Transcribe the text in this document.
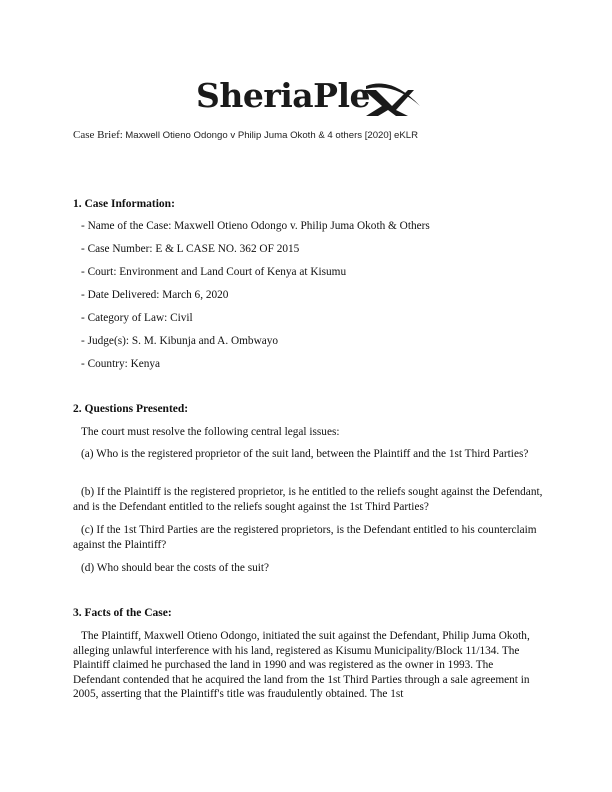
SheriaPle
Case Brief: Maxwell Otieno Odongo v Philip Juma Okoth & 4 others [2020] eKLR
1. Case Information:
- Name of the Case: Maxwell Otieno Odongo v. Philip Juma Okoth & Others
- Case Number: E & L CASE NO. 362 OF 2015
- Court: Environment and Land Court of Kenya at Kisumu
- Date Delivered: March 6, 2020
- Category of Law: Civil
- Judge(s): S. M. Kibunja and A. Ombwayo
- Country: Kenya
2. Questions Presented:
The court must resolve the following central legal issues:
(a) Who is the registered proprietor of the suit land, between the Plaintiff and the 1st Third Parties?
(b) If the Plaintiff is the registered proprietor, is he entitled to the reliefs sought against the Defendant, and is the Defendant entitled to the reliefs sought against the 1st Third Parties?
(c) If the 1st Third Parties are the registered proprietors, is the Defendant entitled to his counterclaim against the Plaintiff?
(d) Who should bear the costs of the suit?
3. Facts of the Case:
The Plaintiff, Maxwell Otieno Odongo, initiated the suit against the Defendant, Philip Juma Okoth, alleging unlawful interference with his land, registered as Kisumu Municipality/Block 11/134. The Plaintiff claimed he purchased the land in 1990 and was registered as the owner in 1993. The Defendant contended that he acquired the land from the 1st Third Parties through a sale agreement in 2005, asserting that the Plaintiff's title was fraudulently obtained. The 1st
